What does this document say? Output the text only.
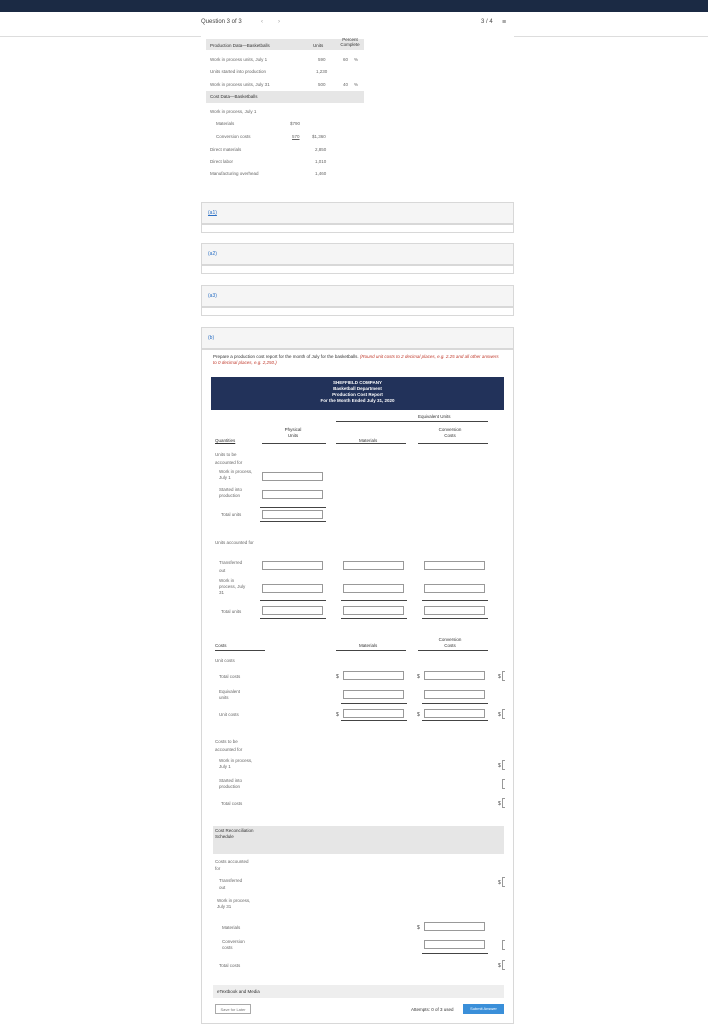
Question 3 of 3	‹	›	3 / 4 ≡
Production Data—Basketballs	Units
Percent Complete
Work in process units, July 1	590	60 %
Units started into production	1,230
Work in process units, July 31	500	40 %
Cost Data—Basketballs
Work in process, July 1
Materials	$790
Conversion costs	570	$1,360
Direct materials	2,850
Direct labor	1,010
Manufacturing overhead	1,460
(a1)
(a2)
(a3)
(b)
Prepare a production cost report for the month of July for the basketballs. (Round unit costs to 2 decimal places, e.g. 2.25 and all other answers to 0 decimal places, e.g. 2,250.)
SHEFFIELD COMPANY
Basketball Department
Production Cost Report
For the Month Ended July 31, 2020
Equivalent Units
Physical Units
Materials
Conversion Costs
Quantities
Units to be accounted for
Work in process, July 1
Started into production
Total units
Units accounted for
Transferred out
Work in process, July 31
Total units
Costs	Materials
Conversion Costs
Unit costs
Total costs	$	$	$
Equivalent units
Unit costs	$	$	$
Costs to be accounted for
Work in process, July 1	$
Started into production
Total costs	$
Cost Reconciliation Schedule
Costs accounted for
Transferred out
$
Work in process, July 31
Materials	$
Conversion costs
Total costs	$
eTextbook and Media
Save for Later	Attempts: 0 of 3 used	Submit Answer
